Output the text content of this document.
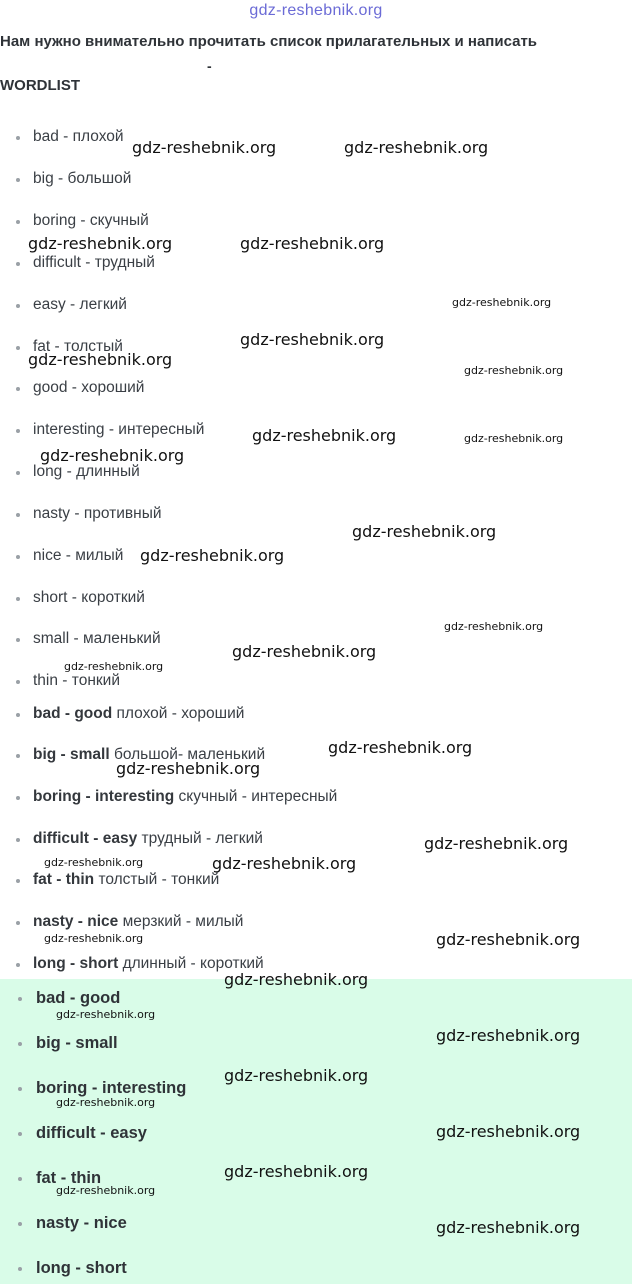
gdz-reshebnik.org
Нам нужно внимательно прочитать список прилагательных и написать
-
WORDLIST
bad - плохой
big - большой
boring - скучный
difficult - трудный
easy - легкий
fat - толстый
good - хороший
interesting - интересный
long - длинный
nasty - противный
nice - милый
short - короткий
small - маленький
thin - тонкий
bad - good плохой - хороший
big - small большой- маленький
boring - interesting скучный - интересный
difficult - easy трудный - легкий
fat - thin толстый - тонкий
nasty - nice мерзкий - милый
long - short длинный - короткий
bad - good
big - small
boring - interesting
difficult - easy
fat - thin
nasty - nice
long - short
gdz-reshebnik.org	gdz-reshebnik.org
gdz-reshebnik.org	gdz-reshebnik.org
gdz-reshebnik.org
gdz-reshebnik.org
gdz-reshebnik.org
gdz-reshebnik.org
gdz-reshebnik.org	gdz-reshebnik.org
gdz-reshebnik.org
gdz-reshebnik.org
gdz-reshebnik.org
gdz-reshebnik.org
gdz-reshebnik.org
gdz-reshebnik.org
gdz-reshebnik.org
gdz-reshebnik.org
gdz-reshebnik.org
gdz-reshebnik.org	gdz-reshebnik.org
gdz-reshebnik.org
gdz-reshebnik.org
gdz-reshebnik.org
gdz-reshebnik.org
gdz-reshebnik.org
gdz-reshebnik.org
gdz-reshebnik.org
gdz-reshebnik.org
gdz-reshebnik.org
gdz-reshebnik.org
gdz-reshebnik.org
